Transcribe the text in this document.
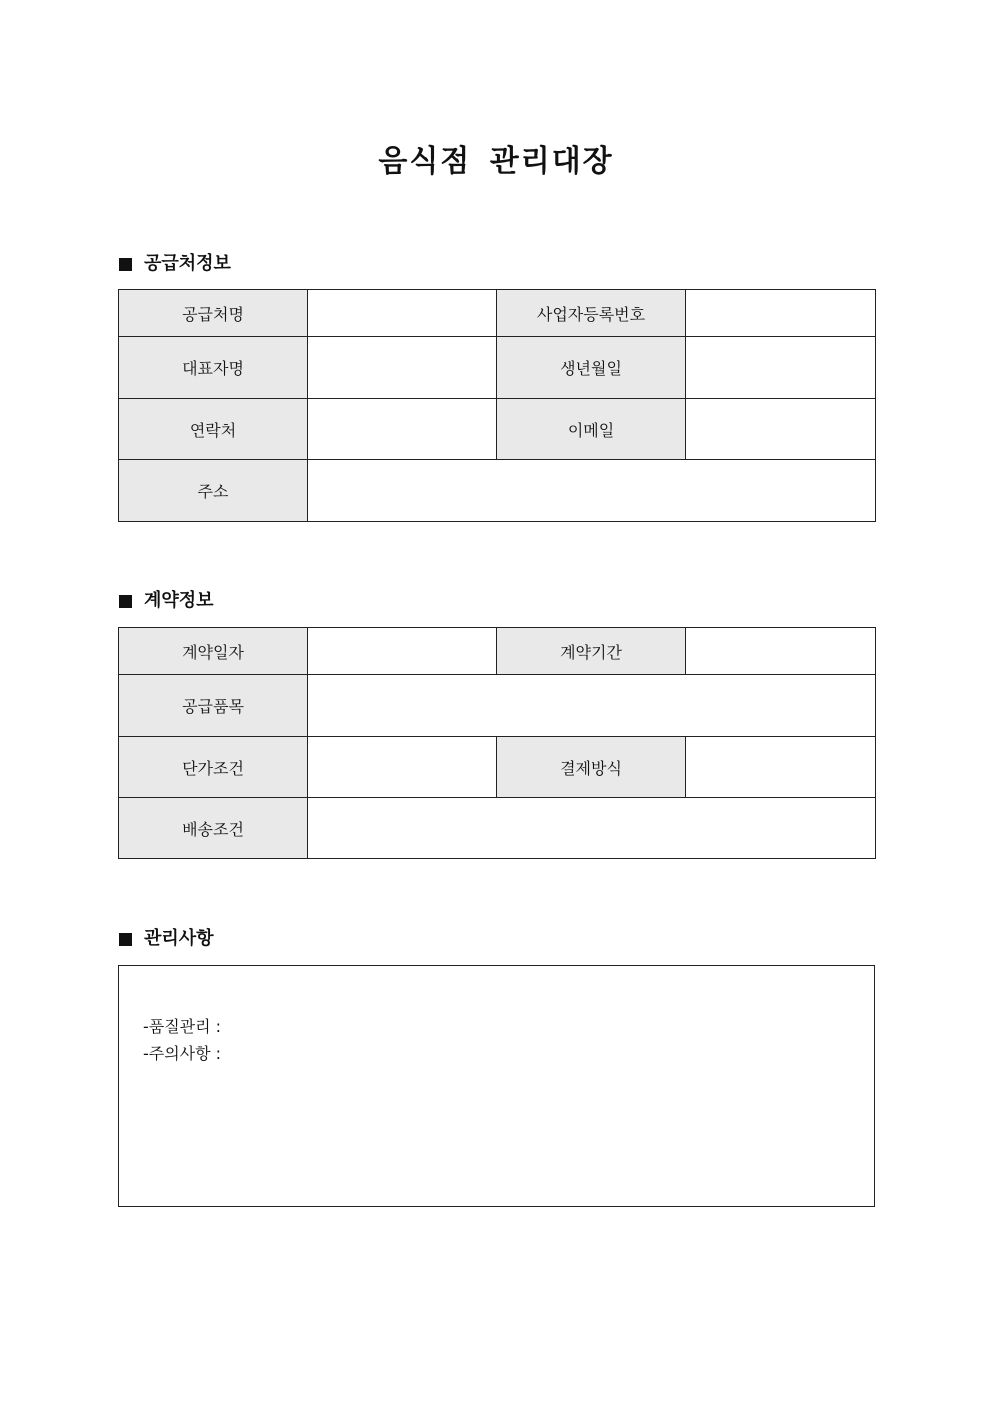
음식점 관리대장
공급처정보
공급처명		사업자등록번호	
대표자명		생년월일	
연락처		이메일	
주소			
계약정보
계약일자		계약기간	
공급품목			
단가조건		결제방식	
배송조건			
관리사항
-품질관리 :
-주의사항 :
